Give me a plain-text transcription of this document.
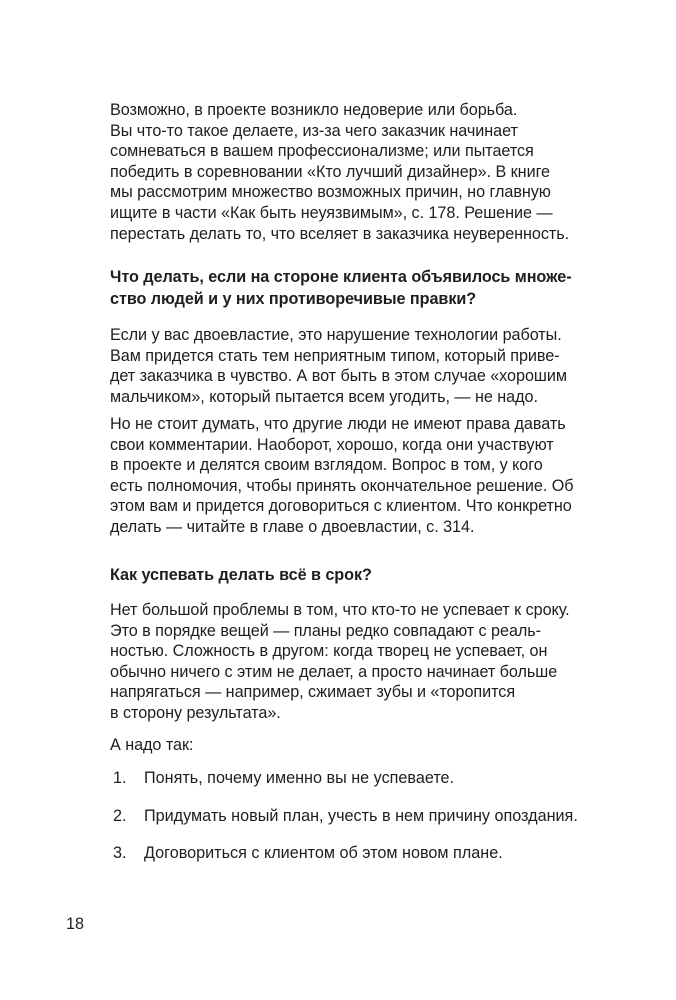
Возможно, в проекте возникло недоверие или борьба.
Вы что-то такое делаете, из-за чего заказчик начинает
сомневаться в вашем профессионализме; или пытается
победить в соревновании «Кто лучший дизайнер». В книге
мы рассмотрим множество возможных причин, но главную
ищите в части «Как быть неуязвимым», с. 178. Решение —
перестать делать то, что вселяет в заказчика неуверенность.
Что делать, если на стороне клиента объявилось множе-
ство людей и у них противоречивые правки?
Если у вас двоевластие, это нарушение технологии работы.
Вам придется стать тем неприятным типом, который приве-
дет заказчика в чувство. А вот быть в этом случае «хорошим
мальчиком», который пытается всем угодить, — не надо.
Но не стоит думать, что другие люди не имеют права давать
свои комментарии. Наоборот, хорошо, когда они участвуют
в проекте и делятся своим взглядом. Вопрос в том, у кого
есть полномочия, чтобы принять окончательное решение. Об
этом вам и придется договориться с клиентом. Что конкретно
делать — читайте в главе о двоевластии, с. 314.
Как успевать делать всё в срок?
Нет большой проблемы в том, что кто-то не успевает к сроку.
Это в порядке вещей — планы редко совпадают с реаль-
ностью. Сложность в другом: когда творец не успевает, он
обычно ничего с этим не делает, а просто начинает больше
напрягаться — например, сжимает зубы и «торопится
в сторону результата».
А надо так:
1. Понять, почему именно вы не успеваете.
2. Придумать новый план, учесть в нем причину опоздания.
3. Договориться с клиентом об этом новом плане.
18
